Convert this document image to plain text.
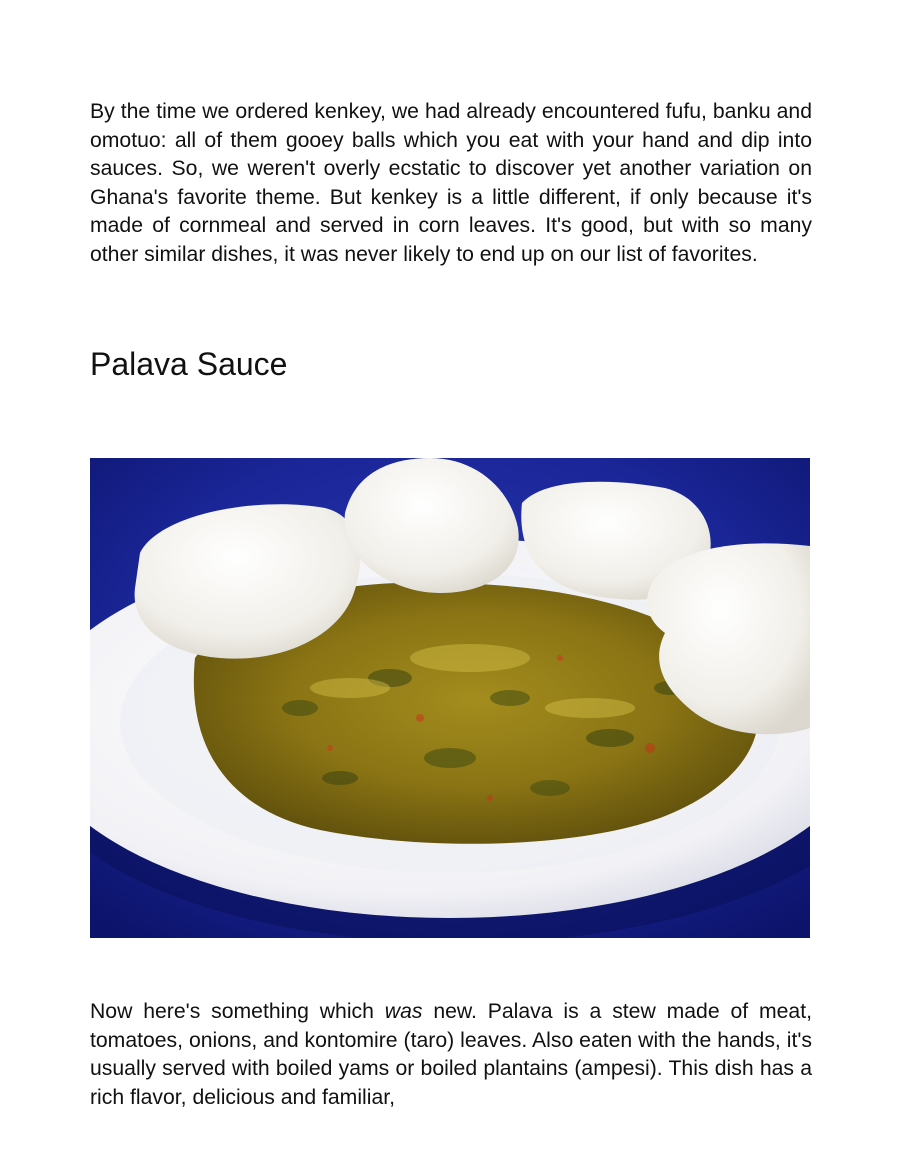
By the time we ordered kenkey, we had already encountered fufu, banku and omotuo: all of them gooey balls which you eat with your hand and dip into sauces. So, we weren't overly ecstatic to discover yet another variation on Ghana's favorite theme. But kenkey is a little different, if only because it's made of cornmeal and served in corn leaves. It's good, but with so many other similar dishes, it was never likely to end up on our list of favorites.

Palava Sauce

Now here's something which was new. Palava is a stew made of meat, tomatoes, onions, and kontomire (taro) leaves. Also eaten with the hands, it's usually served with boiled yams or boiled plantains (ampesi). This dish has a rich flavor, delicious and familiar,
